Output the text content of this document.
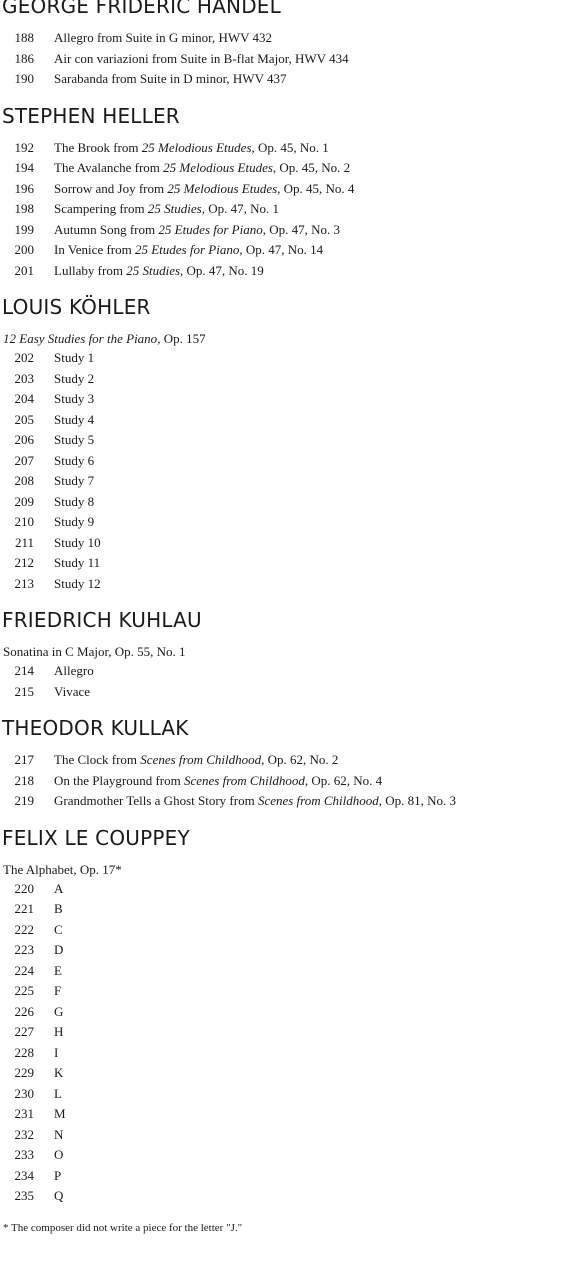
GEORGE FRIDERIC HANDEL
188 Allegro from Suite in G minor, HWV 432
186 Air con variazioni from Suite in B-flat Major, HWV 434
190 Sarabanda from Suite in D minor, HWV 437
STEPHEN HELLER
192 The Brook from 25 Melodious Etudes, Op. 45, No. 1
194 The Avalanche from 25 Melodious Etudes, Op. 45, No. 2
196 Sorrow and Joy from 25 Melodious Etudes, Op. 45, No. 4
198 Scampering from 25 Studies, Op. 47, No. 1
199 Autumn Song from 25 Etudes for Piano, Op. 47, No. 3
200 In Venice from 25 Etudes for Piano, Op. 47, No. 14
201 Lullaby from 25 Studies, Op. 47, No. 19
LOUIS KÖHLER
12 Easy Studies for the Piano, Op. 157
202 Study 1
203 Study 2
204 Study 3
205 Study 4
206 Study 5
207 Study 6
208 Study 7
209 Study 8
210 Study 9
211 Study 10
212 Study 11
213 Study 12
FRIEDRICH KUHLAU
Sonatina in C Major, Op. 55, No. 1
214 Allegro
215 Vivace
THEODOR KULLAK
217 The Clock from Scenes from Childhood, Op. 62, No. 2
218 On the Playground from Scenes from Childhood, Op. 62, No. 4
219 Grandmother Tells a Ghost Story from Scenes from Childhood, Op. 81, No. 3
FELIX LE COUPPEY
The Alphabet, Op. 17*
220 A
221 B
222 C
223 D
224 E
225 F
226 G
227 H
228 I
229 K
230 L
231 M
232 N
233 O
234 P
235 Q
* The composer did not write a piece for the letter "J."
